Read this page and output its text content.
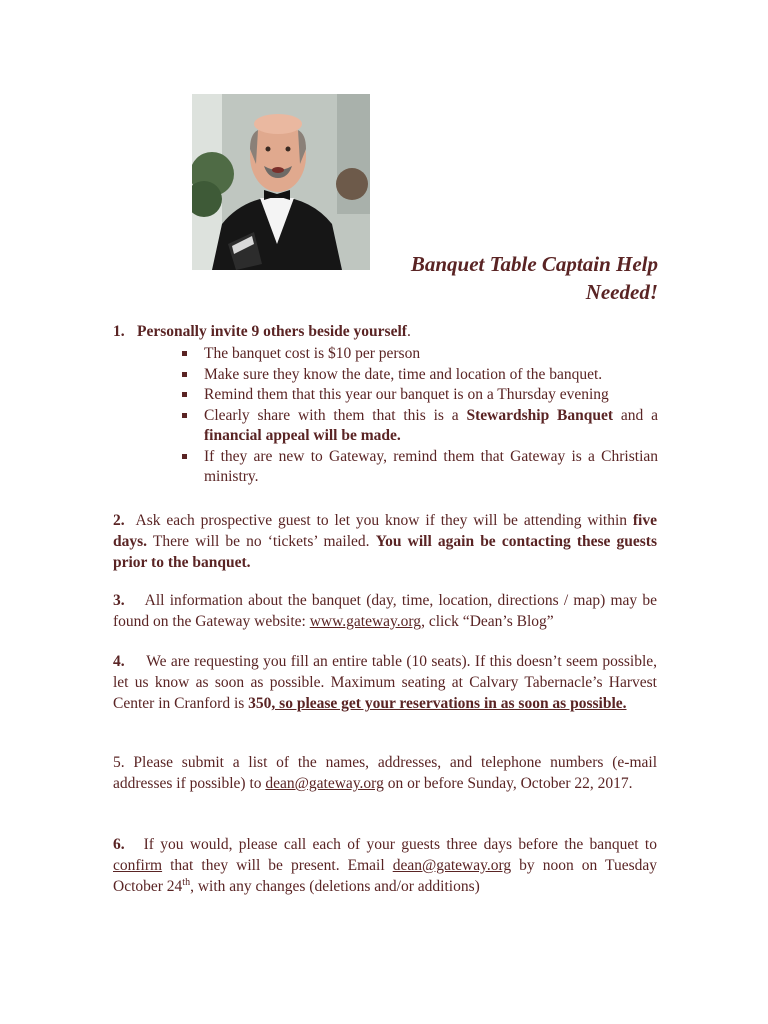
Banquet Table Captain Help
Needed!
1. Personally invite 9 others beside yourself.
The banquet cost is $10 per person
Make sure they know the date, time and location of the banquet.
Remind them that this year our banquet is on a Thursday evening
Clearly share with them that this is a Stewardship Banquet and a financial appeal will be made.
If they are new to Gateway, remind them that Gateway is a Christian ministry.
2.  Ask each prospective guest to let you know if they will be attending within five days. There will be no ‘tickets’ mailed. You will again be contacting these guests prior to the banquet.
3.    All information about the banquet (day, time, location, directions / map) may be found on the Gateway website: www.gateway.org, click “Dean’s Blog”
4.     We are requesting you fill an entire table (10 seats). If this doesn’t seem possible, let us know as soon as possible. Maximum seating at Calvary Tabernacle’s Harvest Center in Cranford is 350, so please get your reservations in as soon as possible.
5. Please submit a list of the names, addresses, and telephone numbers (e-mail addresses if possible) to dean@gateway.org on or before Sunday, October 22, 2017.
6.   If you would, please call each of your guests three days before the banquet to confirm that they will be present. Email dean@gateway.org by noon on Tuesday October 24th, with any changes (deletions and/or additions)
